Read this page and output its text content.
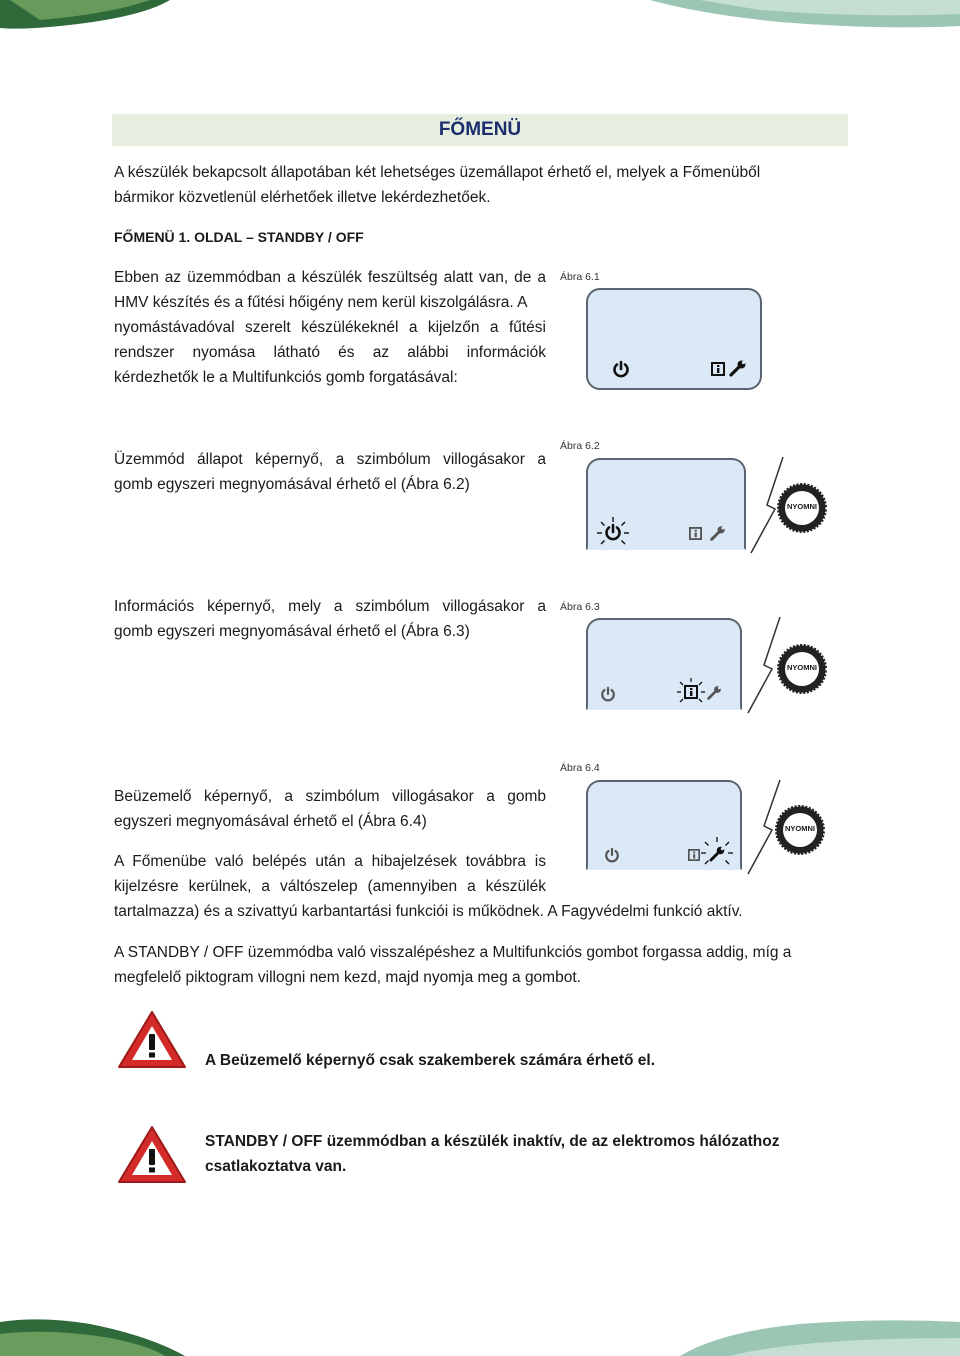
FŐMENÜ

A készülék bekapcsolt állapotában két lehetséges üzemállapot érhető el, melyek a Főmenüből bármikor közvetlenül elérhetőek illetve lekérdezhetőek.

FŐMENÜ 1. OLDAL – STANDBY / OFF

Ebben az üzemmódban a készülék feszültség alatt van, de a

HMV készítés és a fűtési hőigény nem kerül kiszolgálásra. A

nyomástávadóval szerelt készülékeknél a kijelzőn a fűtési

rendszer nyomása látható és az alábbi információk

kérdezhetők le a Multifunkciós gomb forgatásával:

Ábra 6.1

Üzemmód állapot képernyő, a szimbólum villogásakor a

gomb egyszeri megnyomásával érhető el (Ábra 6.2)

Ábra 6.2
NYOMNI

Információs képernyő, mely a szimbólum villogásakor a

gomb egyszeri megnyomásával érhető el (Ábra 6.3)

Ábra 6.3
NYOMNI

Beüzemelő képernyő, a szimbólum villogásakor a gomb

egyszeri megnyomásával érhető el (Ábra 6.4)

Ábra 6.4
NYOMNI

A Főmenübe való belépés után a hibajelzések továbbra is

kijelzésre kerülnek, a váltószelep (amennyiben a készülék

tartalmazza) és a szivattyú karbantartási funkciói is működnek. A Fagyvédelmi funkció aktív.

A STANDBY / OFF üzemmódba való visszalépéshez a Multifunkciós gombot forgassa addig, míg a megfelelő piktogram villogni nem kezd, majd nyomja meg a gombot.

A Beüzemelő képernyő csak szakemberek számára érhető el.
STANDBY / OFF üzemmódban a készülék inaktív, de az elektromos hálózathoz csatlakoztatva van.
